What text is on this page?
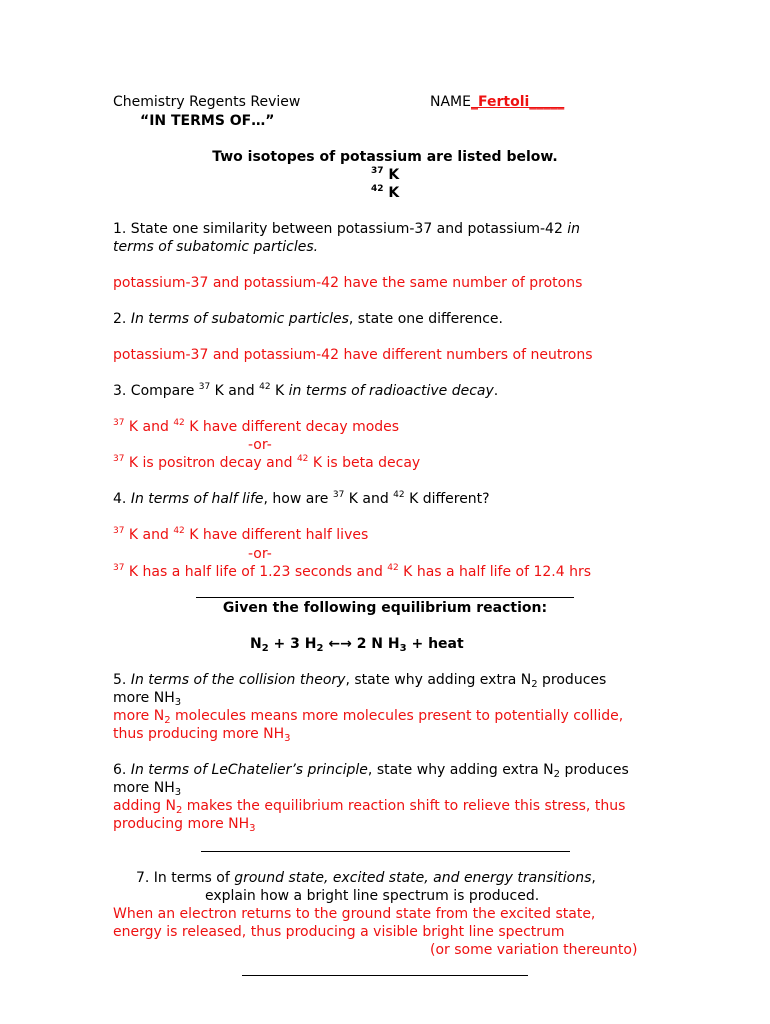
Chemistry Regents Review	NAME_Fertoli_____
“IN TERMS OF…”
Two isotopes of potassium are listed below.
$^{37}$ K
$^{42}$ K
1. State one similarity between potassium-37 and potassium-42 in
terms of subatomic particles.
potassium-37 and potassium-42 have the same number of protons
2. In terms of subatomic particles, state one difference.
potassium-37 and potassium-42 have different numbers of neutrons
3. Compare $^{37}$ K and $^{42}$ K in terms of radioactive decay.
$^{37}$ K and $^{42}$ K have different decay modes
-or-
$^{37}$ K is positron decay and $^{42}$ K is beta decay
4. In terms of half life, how are $^{37}$ K and $^{42}$ K different?
$^{37}$ K and $^{42}$ K have different half lives
-or-
$^{37}$ K has a half life of 1.23 seconds and $^{42}$ K has a half life of 12.4 hrs
Given the following equilibrium reaction:
$N_2 + 3$ $H_2$ ←→ 2 N $H_3$ + heat
5. In terms of the collision theory, state why adding extra $N_2$ produces
more $NH_3$
more $N_2$ molecules means more molecules present to potentially collide,
thus producing more $NH_3$
6. In terms of LeChatelier’s principle, state why adding extra $N_2$ produces
more $NH_3$
adding $N_2$ makes the equilibrium reaction shift to relieve this stress, thus
producing more $NH_3$
7. In terms of ground state, excited state, and energy transitions,
explain how a bright line spectrum is produced.
When an electron returns to the ground state from the excited state,
energy is released, thus producing a visible bright line spectrum
(or some variation thereunto)
